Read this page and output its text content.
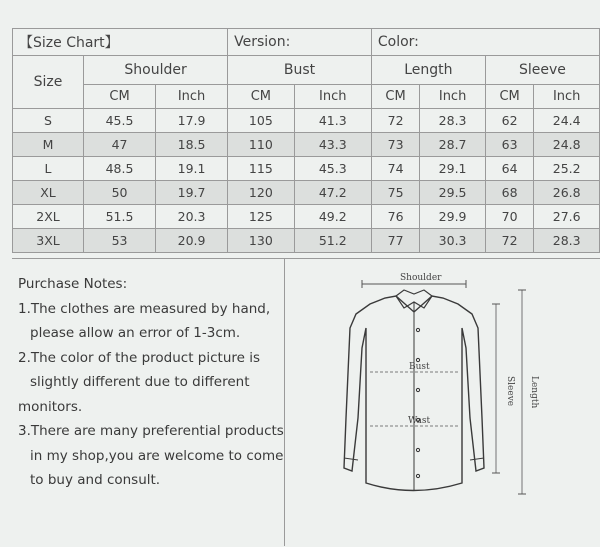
【Size Chart】			Version:		Color:			
Size	Shoulder		Bust		Length		Sleeve	
	CM	Inch	CM	Inch	CM	Inch	CM	Inch
S	45.5	17.9	105	41.3	72	28.3	62	24.4
M	47	18.5	110	43.3	73	28.7	63	24.8
L	48.5	19.1	115	45.3	74	29.1	64	25.2
XL	50	19.7	120	47.2	75	29.5	68	26.8
2XL	51.5	20.3	125	49.2	76	29.9	70	27.6
3XL	53	20.9	130	51.2	77	30.3	72	28.3

Purchase Notes:

1.The clothes are measured by hand,

please allow an error of 1-3cm.

2.The color of the product picture is

slightly different due to different

monitors.

3.There are many preferential products

in my shop,you are welcome to come

to buy and consult.

Shoulder
Bust
Wast
Sleeve Length
